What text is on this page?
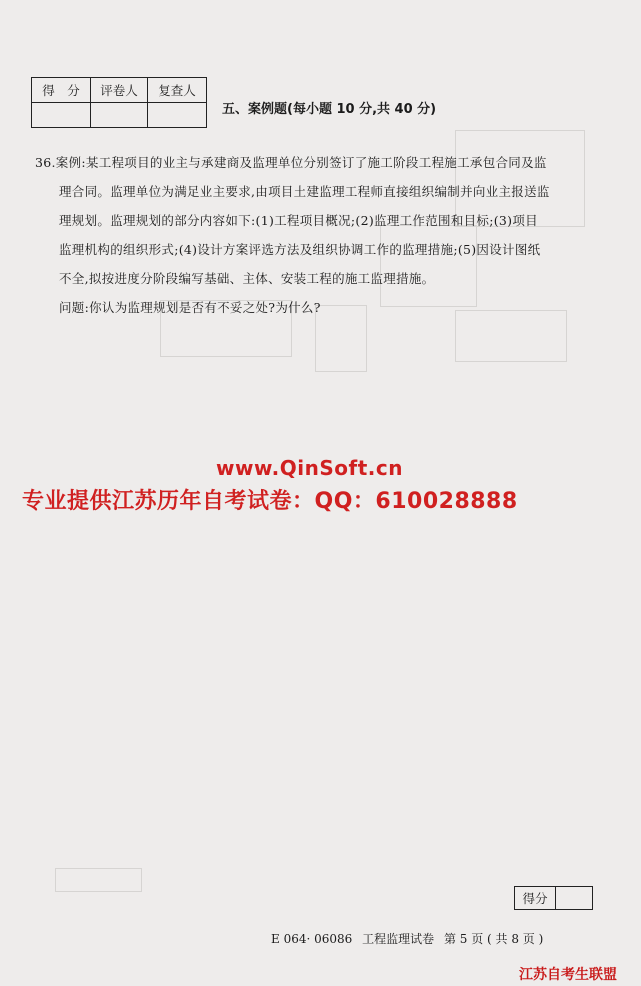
得　分	评卷人	复查人

五、案例题(每小题 10 分,共 40 分)
36.案例:某工程项目的业主与承建商及监理单位分别签订了施工阶段工程施工承包合同及监
理合同。监理单位为满足业主要求,由项目土建监理工程师直接组织编制并向业主报送监
理规划。监理规划的部分内容如下:(1)工程项目概况;(2)监理工作范围和目标;(3)项目
监理机构的组织形式;(4)设计方案评选方法及组织协调工作的监理措施;(5)因设计图纸
不全,拟按进度分阶段编写基础、主体、安装工程的施工监理措施。
问题:你认为监理规划是否有不妥之处?为什么?
www.QinSoft.cn
专业提供江苏历年自考试卷：QQ：610028888
得分	
E 064· 06086 工程监理试卷 第 5 页 ( 共 8 页 )
江苏自考生联盟
